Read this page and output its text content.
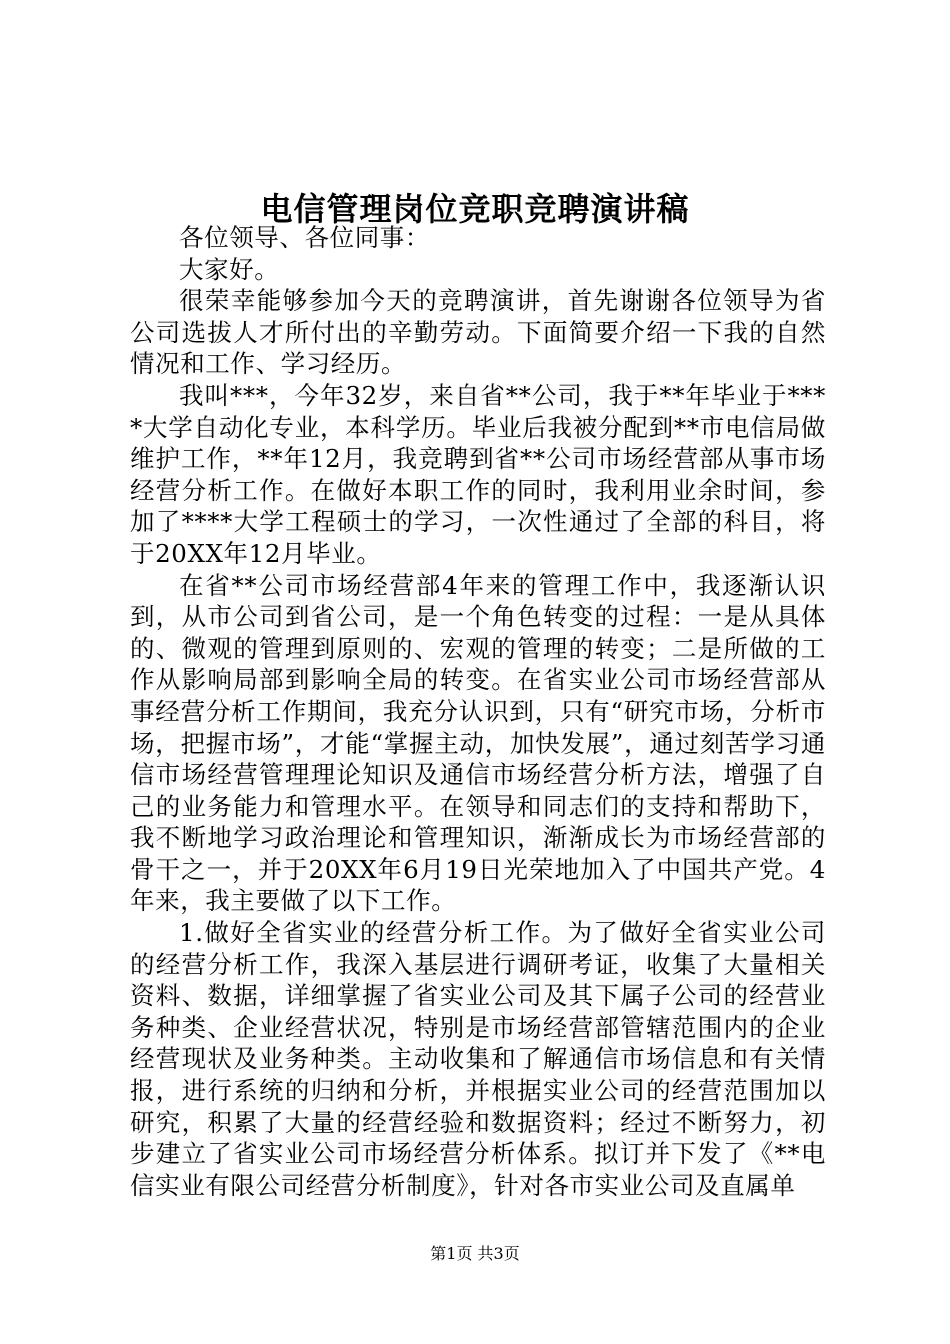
电信管理岗位竞职竞聘演讲稿

各位领导、各位同事：

大家好。

很荣幸能够参加今天的竞聘演讲，首先谢谢各位领导为省公司选拔人才所付出的辛勤劳动。下面简要介绍一下我的自然情况和工作、学习经历。

我叫***，今年32岁，来自省**公司，我于**年毕业于****大学自动化专业，本科学历。毕业后我被分配到**市电信局做维护工作，**年12月，我竞聘到省**公司市场经营部从事市场经营分析工作。在做好本职工作的同时，我利用业余时间，参加了****大学工程硕士的学习，一次性通过了全部的科目，将于20XX年12月毕业。

在省**公司市场经营部4年来的管理工作中，我逐渐认识到，从市公司到省公司，是一个角色转变的过程：一是从具体的、微观的管理到原则的、宏观的管理的转变；二是所做的工作从影响局部到影响全局的转变。在省实业公司市场经营部从事经营分析工作期间，我充分认识到，只有“研究市场，分析市场，把握市场”，才能“掌握主动，加快发展”，通过刻苦学习通信市场经营管理理论知识及通信市场经营分析方法，增强了自己的业务能力和管理水平。在领导和同志们的支持和帮助下，我不断地学习政治理论和管理知识，渐渐成长为市场经营部的骨干之一，并于20XX年6月19日光荣地加入了中国共产党。4年来，我主要做了以下工作。

1.做好全省实业的经营分析工作。为了做好全省实业公司的经营分析工作，我深入基层进行调研考证，收集了大量相关资料、数据，详细掌握了省实业公司及其下属子公司的经营业务种类、企业经营状况，特别是市场经营部管辖范围内的企业经营现状及业务种类。主动收集和了解通信市场信息和有关情报，进行系统的归纳和分析，并根据实业公司的经营范围加以研究，积累了大量的经营经验和数据资料；经过不断努力，初步建立了省实业公司市场经营分析体系。拟订并下发了《**电信实业有限公司经营分析制度》，针对各市实业公司及直属单

第1页 共3页
